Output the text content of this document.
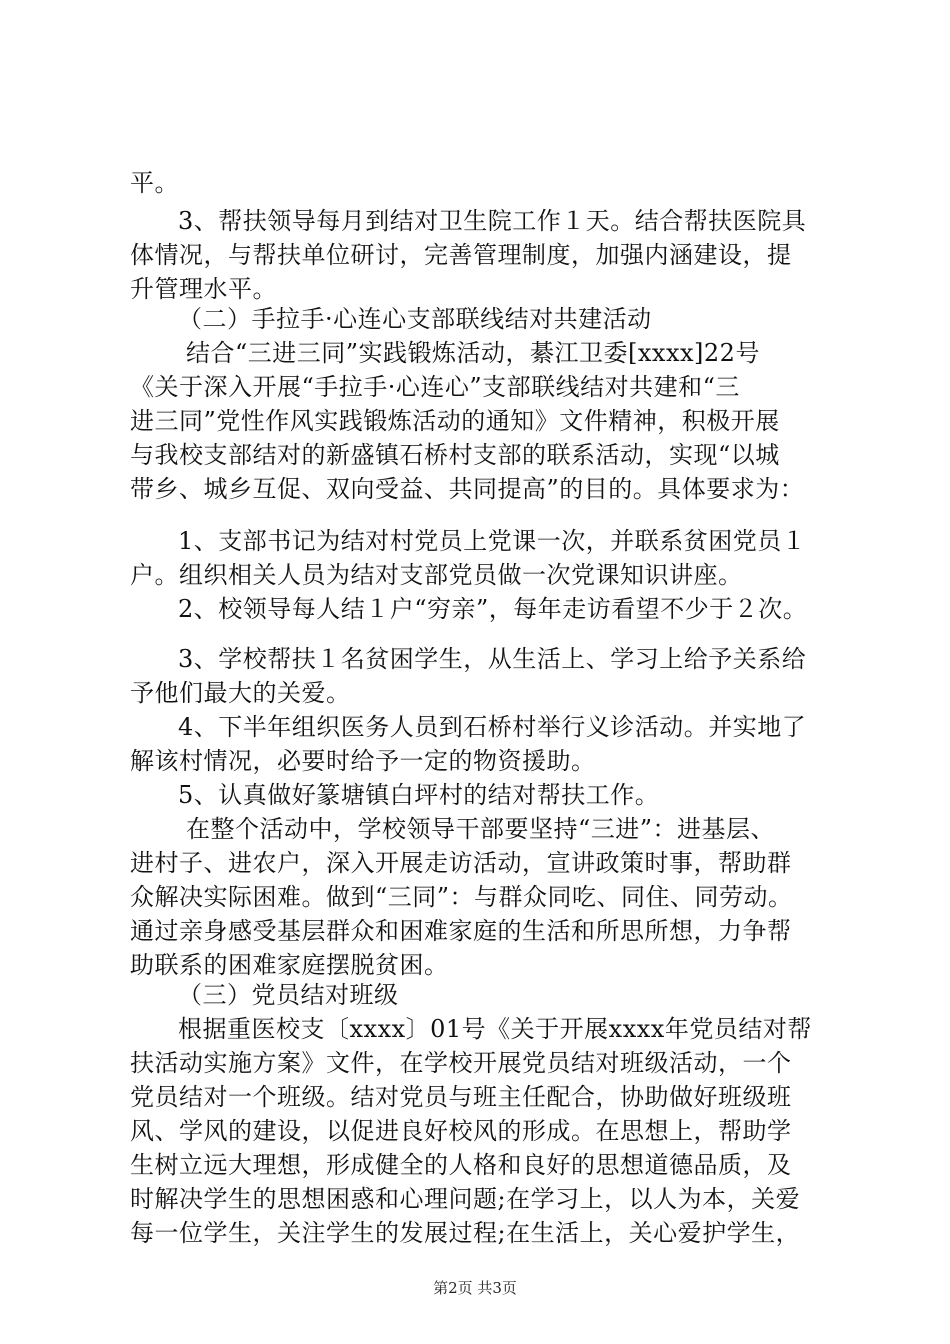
平。
3、帮扶领导每月到结对卫生院工作１天。结合帮扶医院具
体情况，与帮扶单位研讨，完善管理制度，加强内涵建设，提
升管理水平。
（二）手拉手·心连心支部联线结对共建活动
结合“三进三同”实践锻炼活动，綦江卫委[xxxx]22号
《关于深入开展“手拉手·心连心”支部联线结对共建和“三
进三同”党性作风实践锻炼活动的通知》文件精神，积极开展
与我校支部结对的新盛镇石桥村支部的联系活动，实现“以城
带乡、城乡互促、双向受益、共同提高”的目的。具体要求为：
1、支部书记为结对村党员上党课一次，并联系贫困党员１
户。组织相关人员为结对支部党员做一次党课知识讲座。
2、校领导每人结１户“穷亲”，每年走访看望不少于２次。
3、学校帮扶１名贫困学生，从生活上、学习上给予关系给
予他们最大的关爱。
4、下半年组织医务人员到石桥村举行义诊活动。并实地了
解该村情况，必要时给予一定的物资援助。
5、认真做好篆塘镇白坪村的结对帮扶工作。
在整个活动中，学校领导干部要坚持“三进”：进基层、
进村子、进农户，深入开展走访活动，宣讲政策时事，帮助群
众解决实际困难。做到“三同”：与群众同吃、同住、同劳动。
通过亲身感受基层群众和困难家庭的生活和所思所想，力争帮
助联系的困难家庭摆脱贫困。
（三）党员结对班级
根据重医校支〔xxxx〕01号《关于开展xxxx年党员结对帮
扶活动实施方案》文件，在学校开展党员结对班级活动，一个
党员结对一个班级。结对党员与班主任配合，协助做好班级班
风、学风的建设，以促进良好校风的形成。在思想上，帮助学
生树立远大理想，形成健全的人格和良好的思想道德品质，及
时解决学生的思想困惑和心理问题;在学习上，以人为本，关爱
每一位学生，关注学生的发展过程;在生活上，关心爱护学生，
第2页 共3页
